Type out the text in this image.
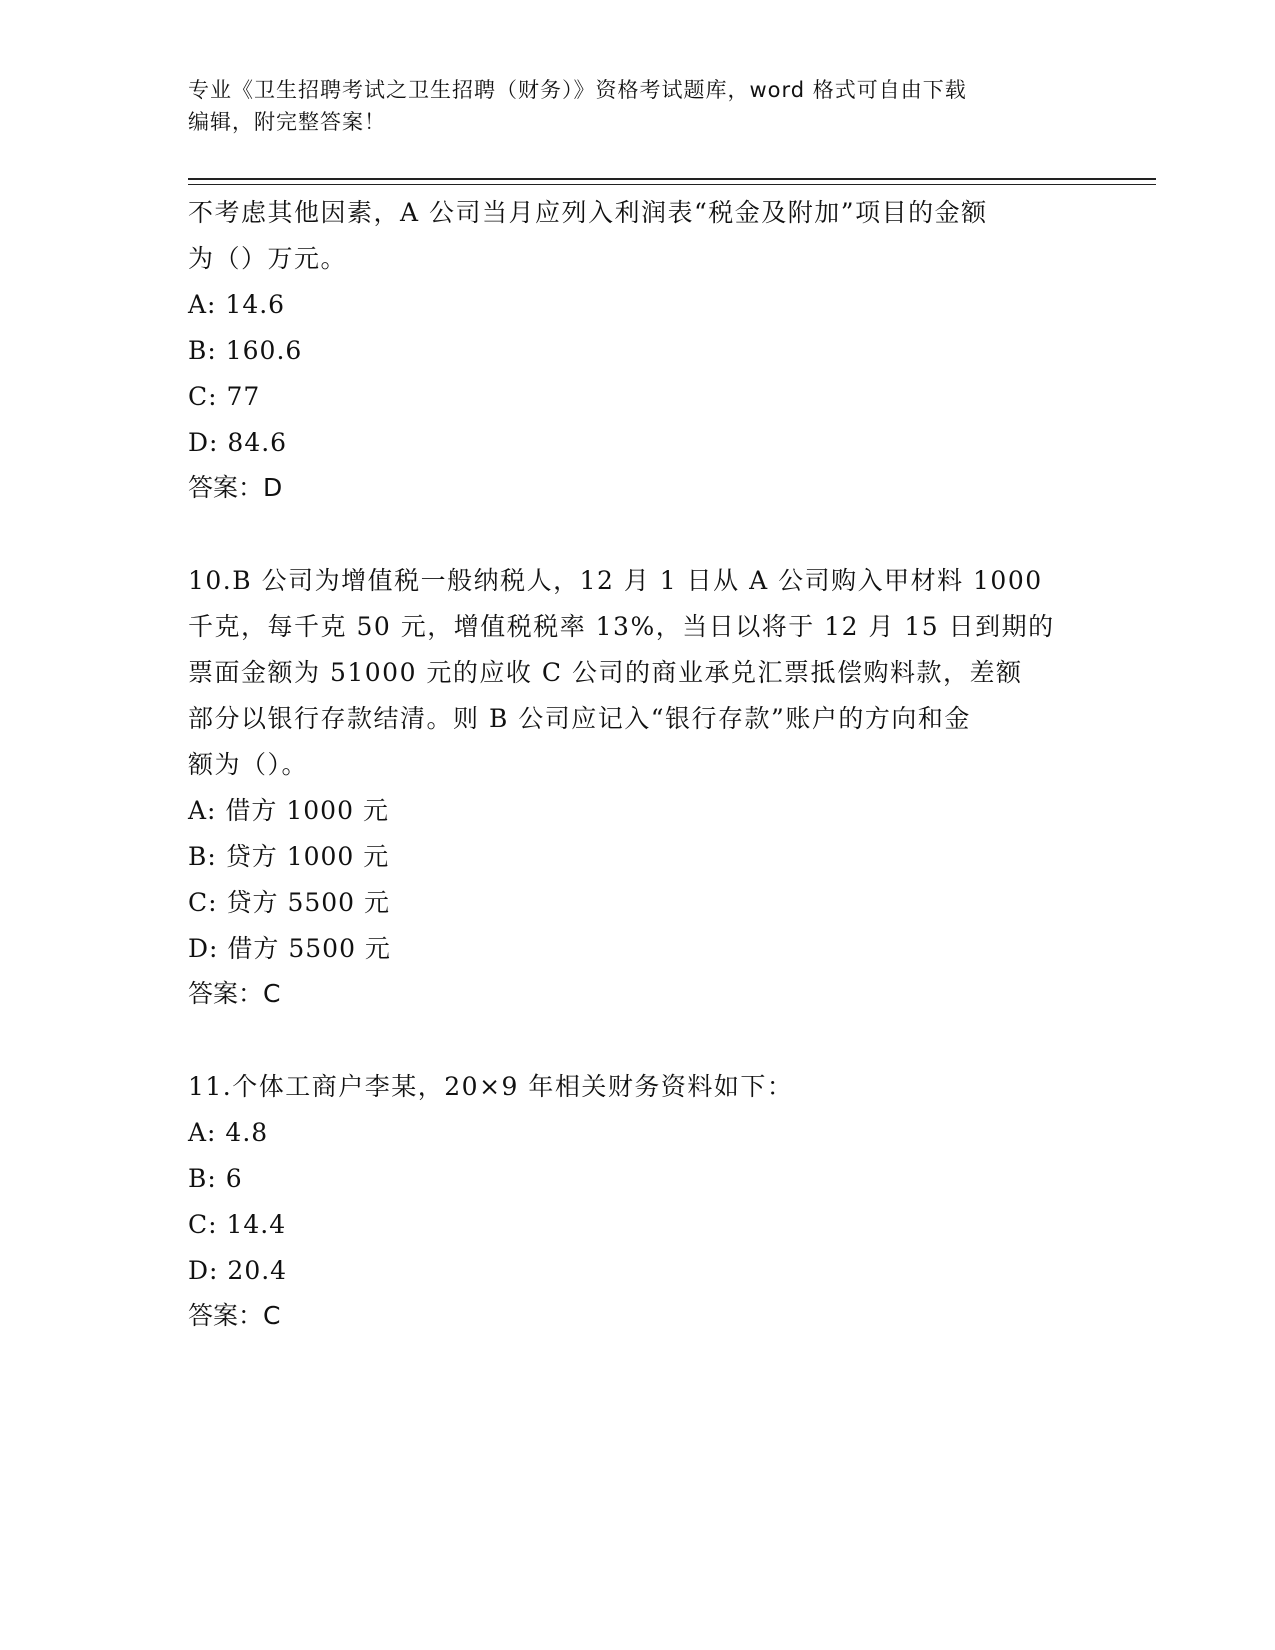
专业《卫生招聘考试之卫生招聘（财务）》资格考试题库，word 格式可自由下载
编辑，附完整答案！

不考虑其他因素，A 公司当月应列入利润表“税金及附加”项目的金额

为（）万元。

A: 14.6

B: 160.6

C: 77

D: 84.6

答案：D

10.B 公司为增值税一般纳税人，12 月 1 日从 A 公司购入甲材料 1000

千克，每千克 50 元，增值税税率 13%，当日以将于 12 月 15 日到期的

票面金额为 51000 元的应收 C 公司的商业承兑汇票抵偿购料款，差额

部分以银行存款结清。则 B 公司应记入“银行存款”账户的方向和金

额为（）。

A: 借方 1000 元

B: 贷方 1000 元

C: 贷方 5500 元

D: 借方 5500 元

答案：C

11.个体工商户李某，20×9 年相关财务资料如下：

A: 4.8

B: 6

C: 14.4

D: 20.4

答案：C
